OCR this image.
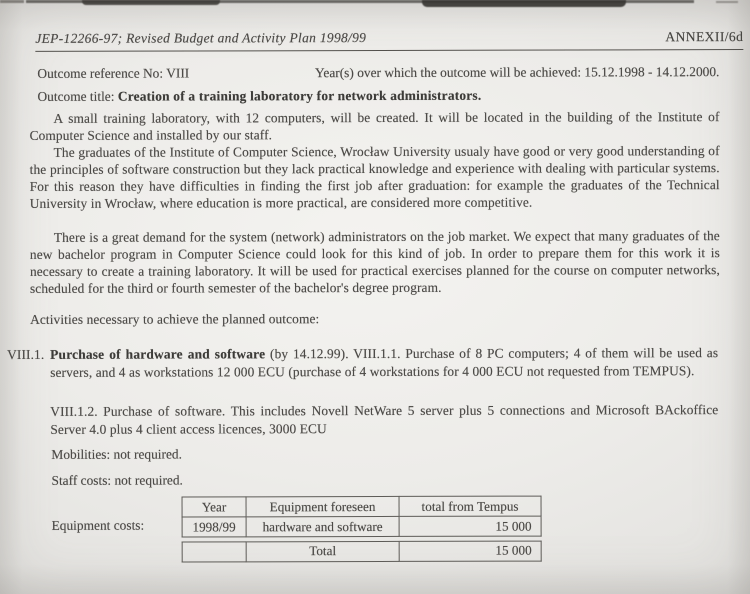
JEP-12266-97; Revised Budget and Activity Plan 1998/99	ANNEXII/6d
Outcome reference No: VIII	Year(s) over which the outcome will be achieved: 15.12.1998 - 14.12.2000.
Outcome title: Creation of a training laboratory for network administrators.

A small training laboratory, with 12 computers, will be created. It will be located in the building of the Institute of Computer Science and installed by our staff.

The graduates of the Institute of Computer Science, Wrocław University usualy have good or very good understanding of the principles of software construction but they lack practical knowledge and experience with dealing with particular systems. For this reason they have difficulties in finding the first job after graduation: for example the graduates of the Technical University in Wrocław, where education is more practical, are considered more competitive.

There is a great demand for the system (network) administrators on the job market. We expect that many graduates of the new bachelor program in Computer Science could look for this kind of job. In order to prepare them for this work it is necessary to create a training laboratory. It will be used for practical exercises planned for the course on computer networks, scheduled for the third or fourth semester of the bachelor's degree program.

Activities necessary to achieve the planned outcome:

VIII.1. Purchase of hardware and software (by 14.12.99). VIII.1.1. Purchase of 8 PC computers; 4 of them will be used as servers, and 4 as workstations 12 000 ECU (purchase of 4 workstations for 4 000 ECU not requested from TEMPUS).
VIII.1.2. Purchase of software. This includes Novell NetWare 5 server plus 5 connections and Microsoft BAckoffice Server 4.0 plus 4 client access licences, 3000 ECU
Mobilities: not required.
Staff costs: not required.
Equipment costs:
Year	Equipment foreseen	total from Tempus
1998/99	hardware and software	15 000
	Total	15 000
